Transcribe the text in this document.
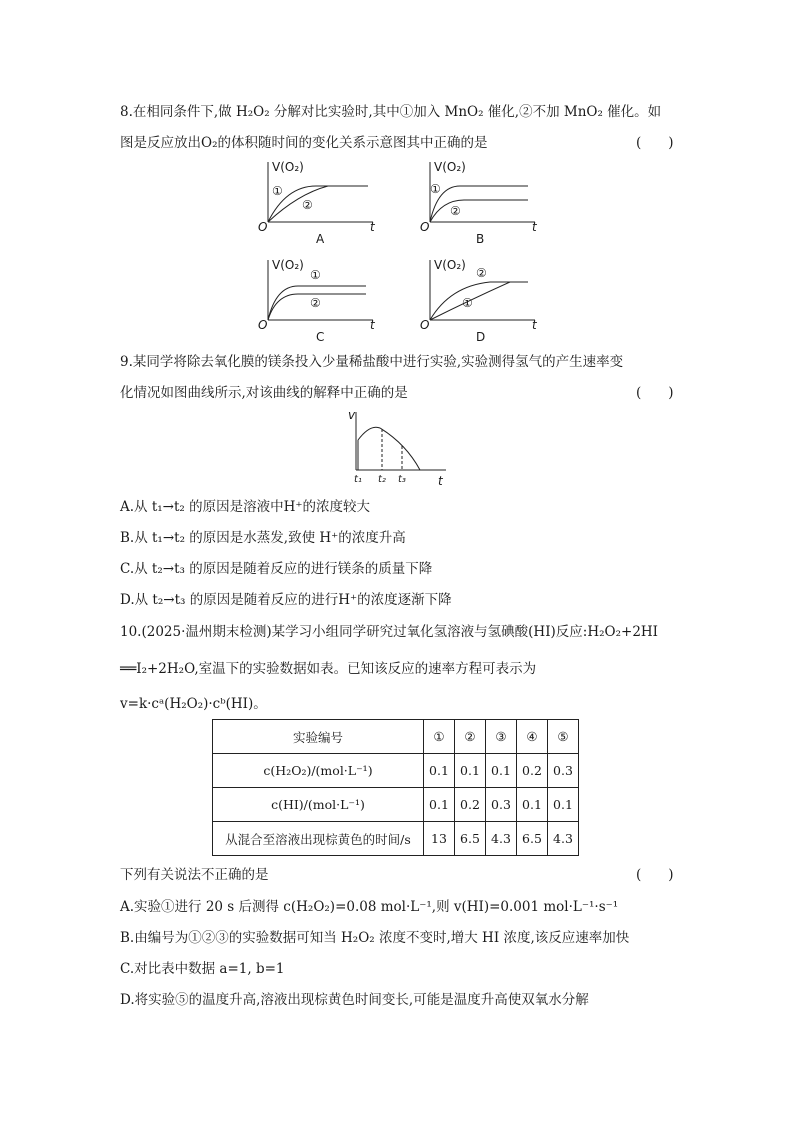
8.在相同条件下,做 H₂O₂ 分解对比实验时,其中①加入 MnO₂ 催化,②不加 MnO₂ 催化。如
图是反应放出O₂的体积随时间的变化关系示意图其中正确的是	(　　)
V(O₂)
①
②
O	t
A
V(O₂)
①
②
O	t
B
V(O₂)
①
②
O	t
C
V(O₂)
②
①
O	t
D
9.某同学将除去氧化膜的镁条投入少量稀盐酸中进行实验,实验测得氢气的产生速率变
化情况如图曲线所示,对该曲线的解释中正确的是	(　　)
v
t₁ t₂ t₃	t
A.从 t₁→t₂ 的原因是溶液中H⁺的浓度较大
B.从 t₁→t₂ 的原因是水蒸发,致使 H⁺的浓度升高
C.从 t₂→t₃ 的原因是随着反应的进行镁条的质量下降
D.从 t₂→t₃ 的原因是随着反应的进行H⁺的浓度逐渐下降
10.(2025·温州期末检测)某学习小组同学研究过氧化氢溶液与氢碘酸(HI)反应:H₂O₂+2HI
══I₂+2H₂O,室温下的实验数据如表。已知该反应的速率方程可表示为
v=k·cᵃ(H₂O₂)·cᵇ(HI)。
实验编号	①	②	③	④	⑤
c(H₂O₂)/(mol·L⁻¹)	0.1	0.1	0.1	0.2	0.3
c(HI)/(mol·L⁻¹)	0.1	0.2	0.3	0.1	0.1
从混合至溶液出现棕黄色的时间/s	13	6.5	4.3	6.5	4.3
下列有关说法不正确的是	(　　)
A.实验①进行 20 s 后测得 c(H₂O₂)=0.08 mol·L⁻¹,则 v(HI)=0.001 mol·L⁻¹·s⁻¹
B.由编号为①②③的实验数据可知当 H₂O₂ 浓度不变时,增大 HI 浓度,该反应速率加快
C.对比表中数据 a=1, b=1
D.将实验⑤的温度升高,溶液出现棕黄色时间变长,可能是温度升高使双氧水分解
